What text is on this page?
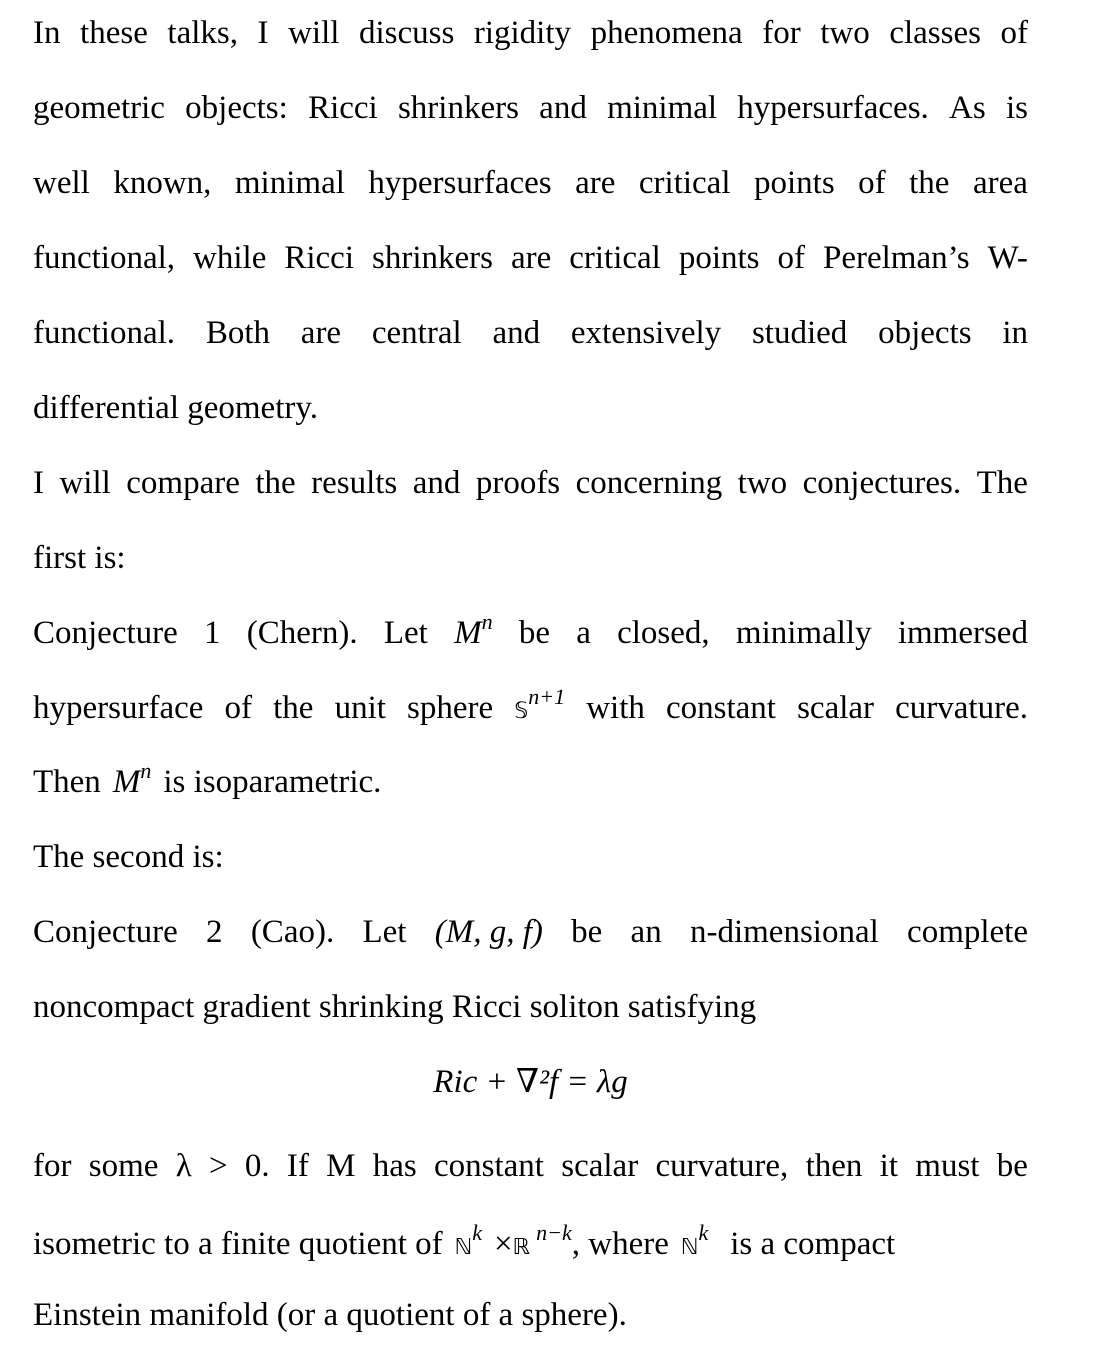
In these talks, I will discuss rigidity phenomena for two classes of
geometric objects: Ricci shrinkers and minimal hypersurfaces. As is
well known, minimal hypersurfaces are critical points of the area
functional, while Ricci shrinkers are critical points of Perelman’s W-
functional. Both are central and extensively studied objects in
differential geometry.
I will compare the results and proofs concerning two conjectures. The
first is:
Conjecture 1 (Chern). Let $M^n$ be a closed, minimally immersed
hypersurface of the unit sphere 𝕊$^{n+1}$ with constant scalar curvature.
Then $M^n$ is isoparametric.
The second is:
Conjecture 2 (Cao). Let (M, g, f) be an n-dimensional complete
noncompact gradient shrinking Ricci soliton satisfying
Ric + ∇²f = λg
for some λ > 0. If M has constant scalar curvature, then it must be
isometric to a finite quotient of ℕ$^k$ ×ℝ$^{n-k}$, where ℕ$^k$ is a compact
Einstein manifold (or a quotient of a sphere).
